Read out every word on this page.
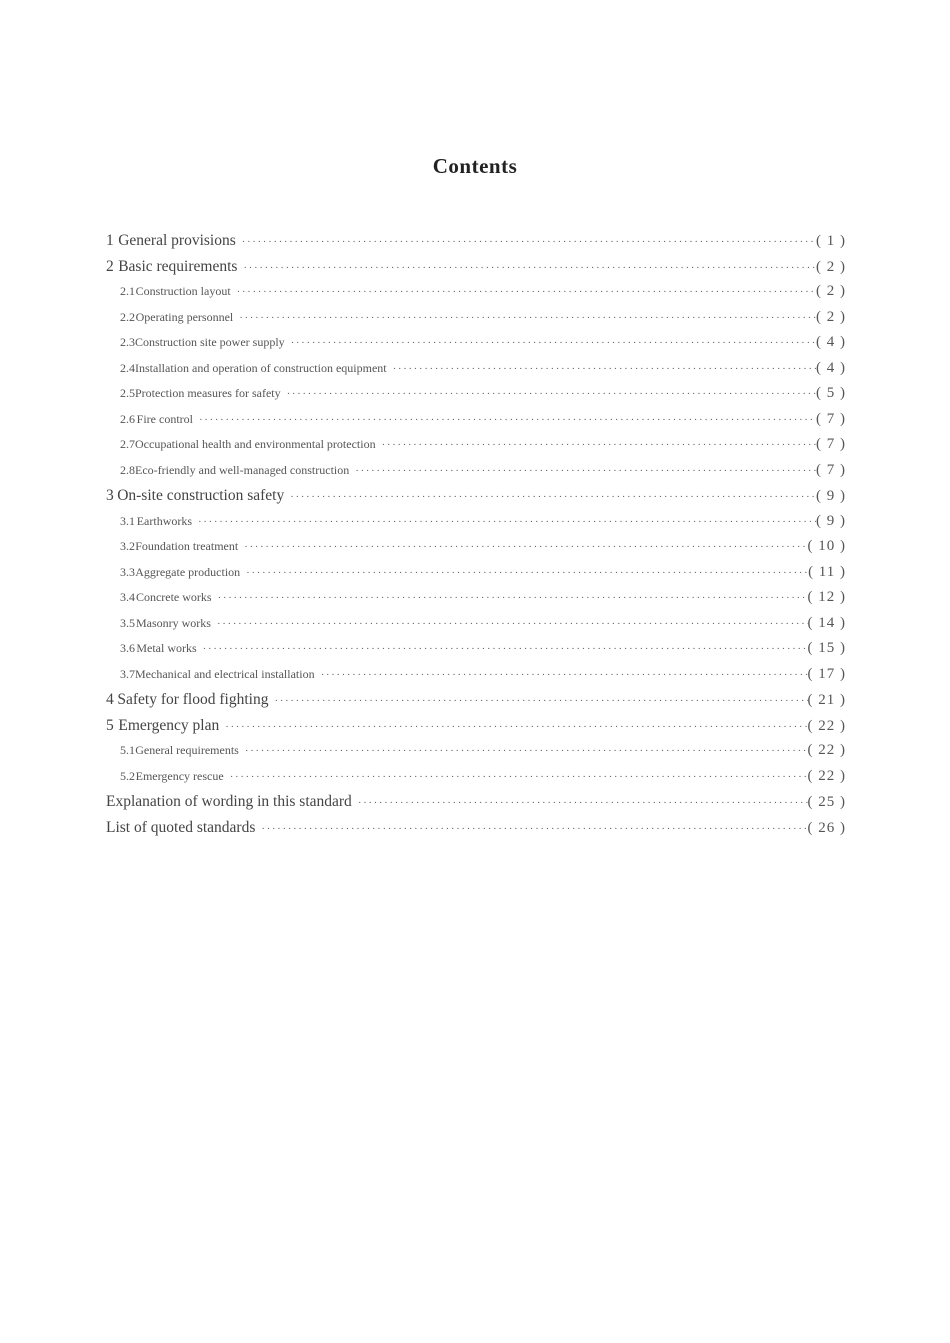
Contents
1 General provisions ·····	( 1 )
2 Basic requirements ·····	( 2 )
2.1 Construction layout ·····	( 2 )
2.2 Operating personnel ·····	( 2 )
2.3 Construction site power supply ·····	( 4 )
2.4 Installation and operation of construction equipment ·····	( 4 )
2.5 Protection measures for safety ·····	( 5 )
2.6 Fire control ·····	( 7 )
2.7 Occupational health and environmental protection ·····	( 7 )
2.8 Eco-friendly and well-managed construction ·····	( 7 )
3 On-site construction safety ·····	( 9 )
3.1 Earthworks ·····	( 9 )
3.2 Foundation treatment ·····	( 10 )
3.3 Aggregate production ·····	( 11 )
3.4 Concrete works ·····	( 12 )
3.5 Masonry works ·····	( 14 )
3.6 Metal works ·····	( 15 )
3.7 Mechanical and electrical installation ·····	( 17 )
4 Safety for flood fighting ·····	( 21 )
5 Emergency plan ·····	( 22 )
5.1 General requirements ·····	( 22 )
5.2 Emergency rescue ·····	( 22 )
Explanation of wording in this standard ·····	( 25 )
List of quoted standards ·····	( 26 )
